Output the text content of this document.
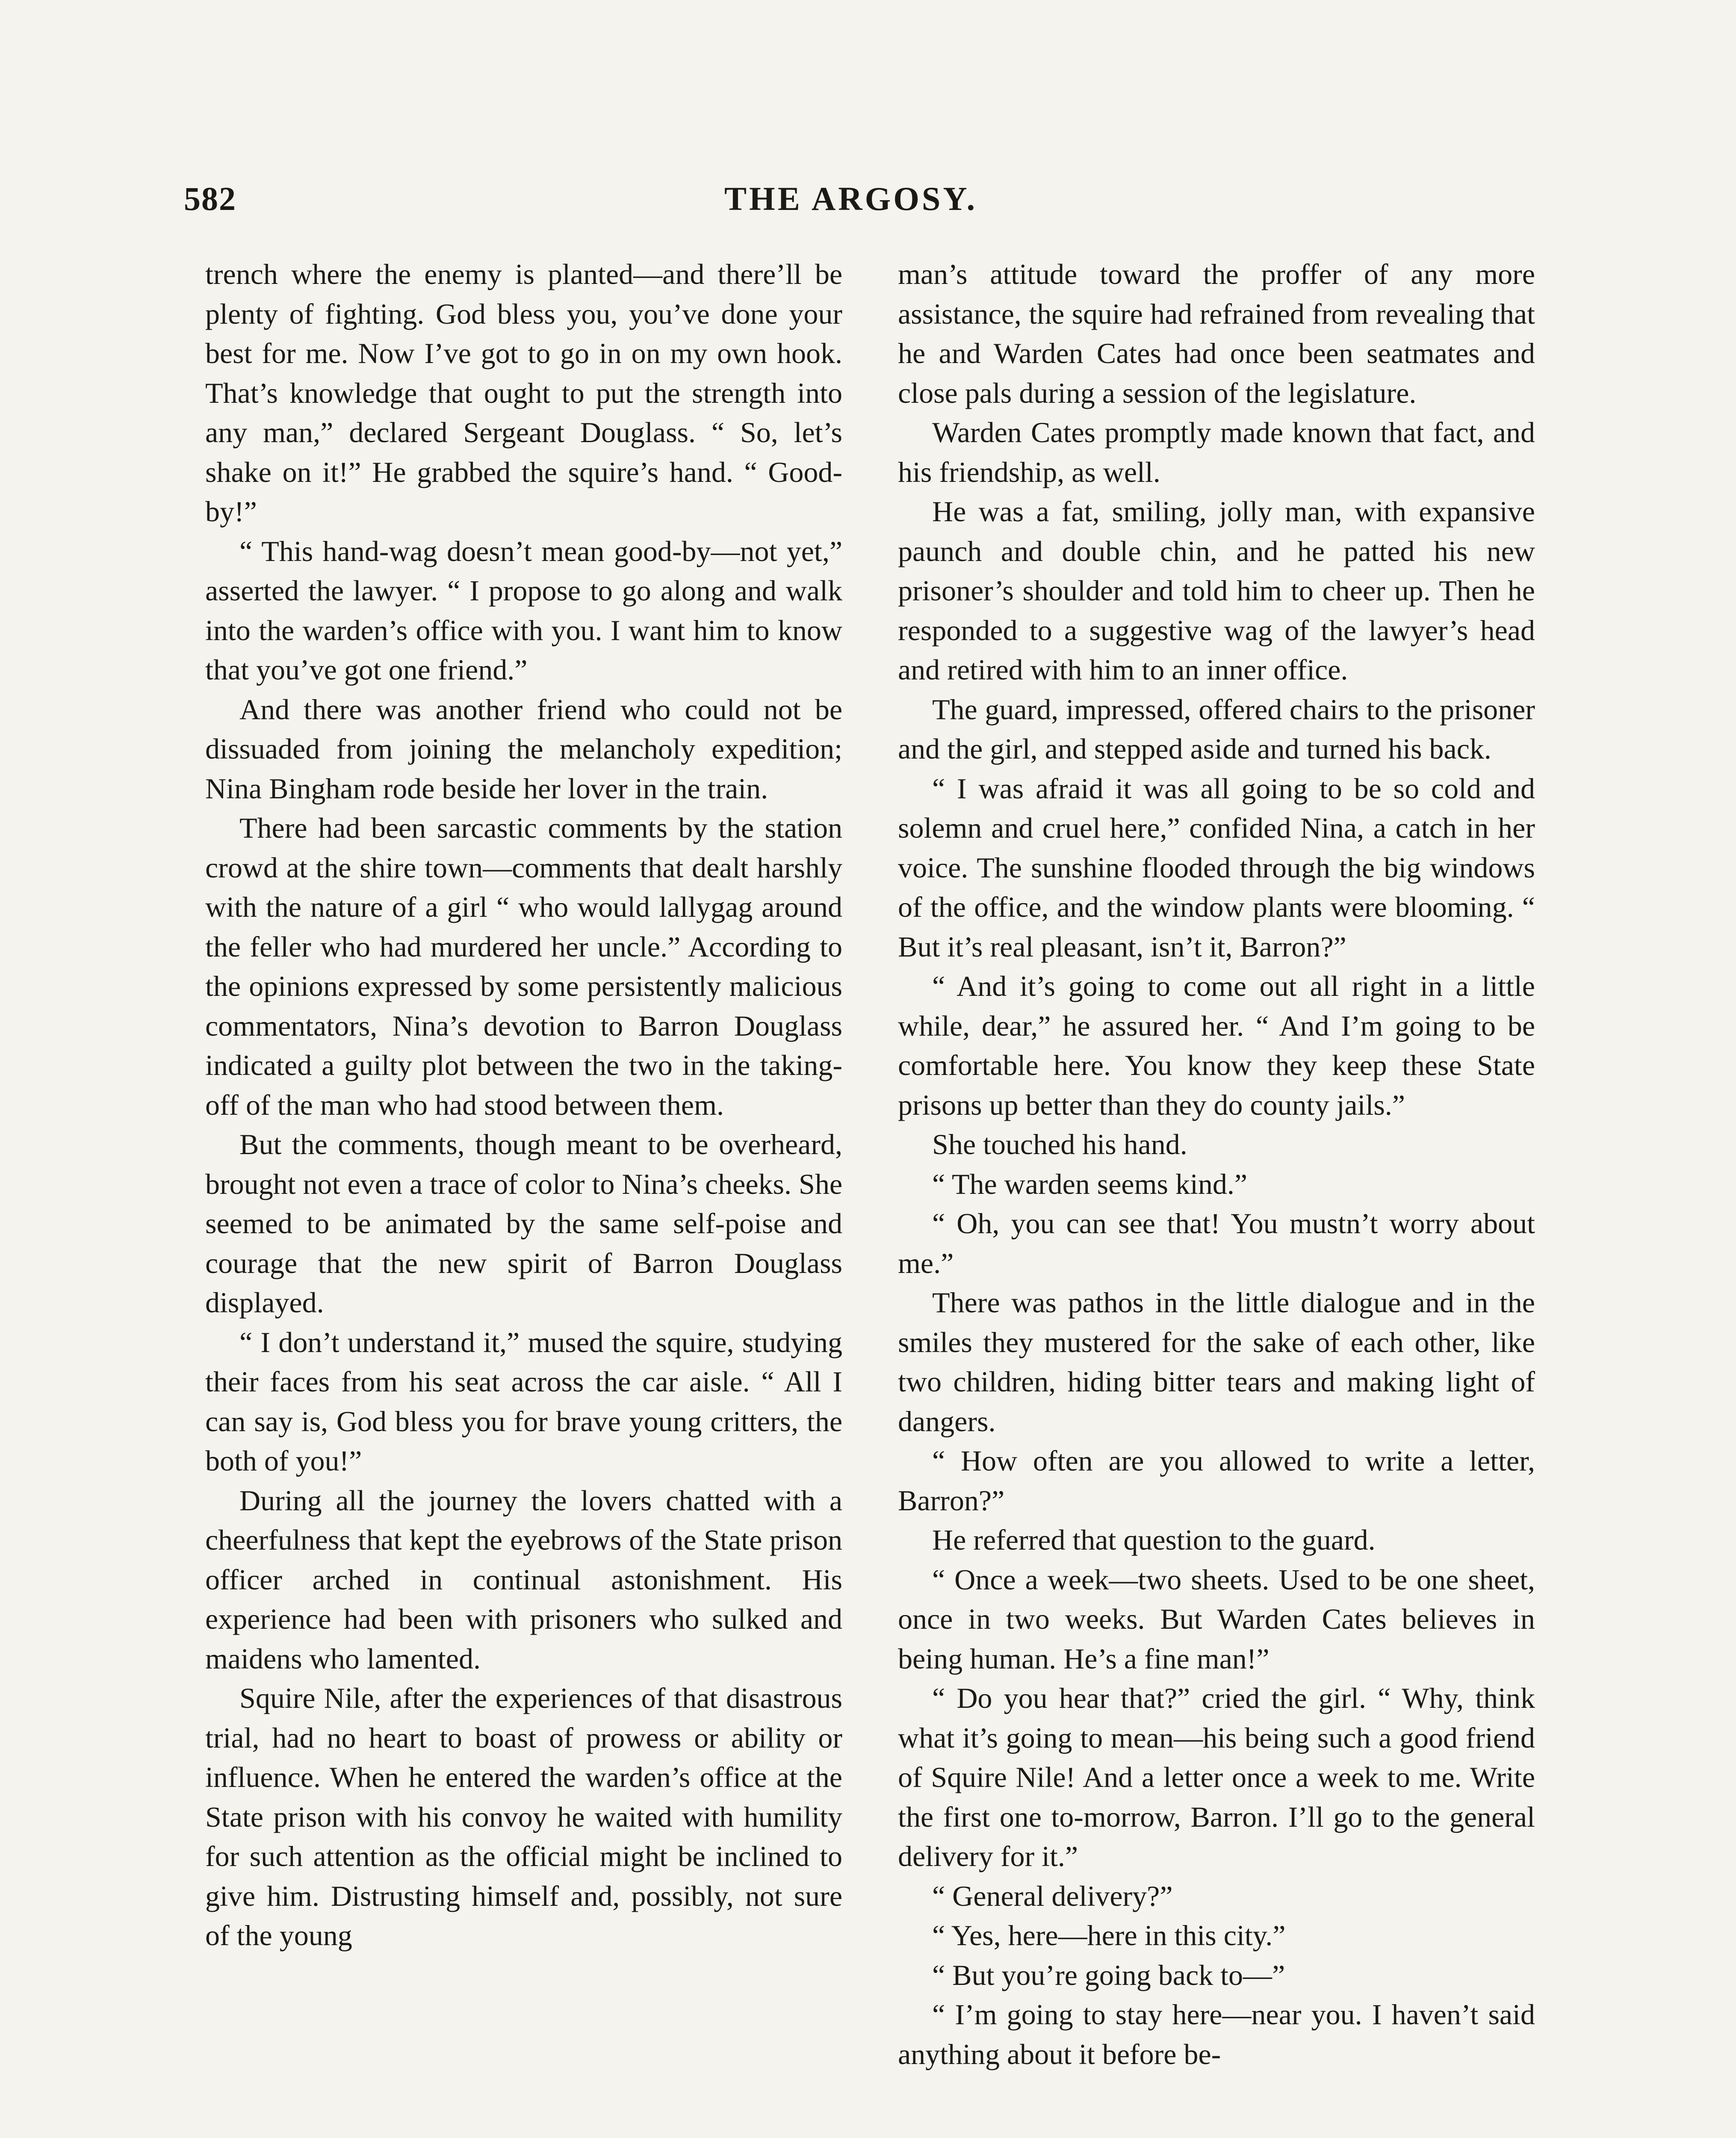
582	THE ARGOSY.

trench where the enemy is planted—and there’ll be plenty of fighting. God bless you, you’ve done your best for me. Now I’ve got to go in on my own hook. That’s knowledge that ought to put the strength into any man,” declared Sergeant Douglass. “ So, let’s shake on it!” He grabbed the squire’s hand. “ Good-by!”

“ This hand-wag doesn’t mean good-by—not yet,” asserted the lawyer. “ I propose to go along and walk into the warden’s office with you. I want him to know that you’ve got one friend.”

And there was another friend who could not be dissuaded from joining the melancholy expedition; Nina Bingham rode beside her lover in the train.

There had been sarcastic comments by the station crowd at the shire town—comments that dealt harshly with the nature of a girl “ who would lallygag around the feller who had murdered her uncle.” According to the opinions expressed by some persistently malicious commentators, Nina’s devotion to Barron Douglass indicated a guilty plot between the two in the taking-off of the man who had stood between them.

But the comments, though meant to be overheard, brought not even a trace of color to Nina’s cheeks. She seemed to be animated by the same self-poise and courage that the new spirit of Barron Douglass displayed.

“ I don’t understand it,” mused the squire, studying their faces from his seat across the car aisle. “ All I can say is, God bless you for brave young critters, the both of you!”

During all the journey the lovers chatted with a cheerfulness that kept the eyebrows of the State prison officer arched in continual astonishment. His experience had been with prisoners who sulked and maidens who lamented.

Squire Nile, after the experiences of that disastrous trial, had no heart to boast of prowess or ability or influence. When he entered the warden’s office at the State prison with his convoy he waited with humility for such attention as the official might be inclined to give him. Distrusting himself and, possibly, not sure of the young

man’s attitude toward the proffer of any more assistance, the squire had refrained from revealing that he and Warden Cates had once been seatmates and close pals during a session of the legislature.

Warden Cates promptly made known that fact, and his friendship, as well.

He was a fat, smiling, jolly man, with expansive paunch and double chin, and he patted his new prisoner’s shoulder and told him to cheer up. Then he responded to a suggestive wag of the lawyer’s head and retired with him to an inner office.

The guard, impressed, offered chairs to the prisoner and the girl, and stepped aside and turned his back.

“ I was afraid it was all going to be so cold and solemn and cruel here,” confided Nina, a catch in her voice. The sunshine flooded through the big windows of the office, and the window plants were blooming. “ But it’s real pleasant, isn’t it, Barron?”

“ And it’s going to come out all right in a little while, dear,” he assured her. “ And I’m going to be comfortable here. You know they keep these State prisons up better than they do county jails.”

She touched his hand.

“ The warden seems kind.”

“ Oh, you can see that! You mustn’t worry about me.”

There was pathos in the little dialogue and in the smiles they mustered for the sake of each other, like two children, hiding bitter tears and making light of dangers.

“ How often are you allowed to write a letter, Barron?”

He referred that question to the guard.

“ Once a week—two sheets. Used to be one sheet, once in two weeks. But Warden Cates believes in being human. He’s a fine man!”

“ Do you hear that?” cried the girl. “ Why, think what it’s going to mean—his being such a good friend of Squire Nile! And a letter once a week to me. Write the first one to-morrow, Barron. I’ll go to the general delivery for it.”

“ General delivery?”

“ Yes, here—here in this city.”

“ But you’re going back to—”

“ I’m going to stay here—near you. I haven’t said anything about it before be-
